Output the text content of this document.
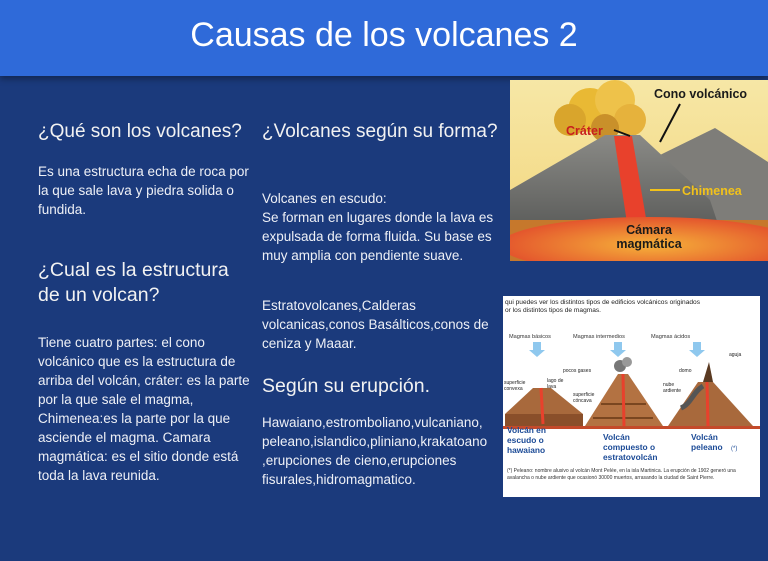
Causas de los volcanes 2

¿Qué son los volcanes?

Es una estructura echa de roca por la que sale lava y piedra solida o fundida.

¿Cual es la estructura de un volcan?

Tiene cuatro partes: el cono volcánico que es la estructura de arriba del volcán, cráter: es la parte por la que sale el magma, Chimenea:es la parte por la que asciende el magma. Camara magmática: es el sitio donde está toda la lava reunida.

¿Volcanes según su forma?

Volcanes en escudo:
Se forman en lugares donde la lava es expulsada de forma fluida. Su base es muy amplia con pendiente suave.

Estratovolcanes,Calderas volcanicas,conos Basálticos,conos de ceniza y Maaar.

Según su erupción.

Hawaiano,estromboliano,vulcaniano, peleano,islandico,pliniano,krakatoano ,erupciones de cieno,erupciones fisurales,hidromagmatico.

Cono volcánico
Cráter
Chimenea
Cámara magmática
qui puedes ver los distintos tipos de edificios volcánicos originados
or los distintos tipos de magmas.
Magmas básicos	Magmas intermedios	Magmas ácidos
pocos gases
lago de lava
superficie convexa
superficie cóncava
domo
aguja
nube ardiente
Volcán en escudo o hawaiano
Volcán compuesto o estratovolcán
Volcán peleano	(*)
(*) Peleano: nombre alusivo al volcán Mont Pelée, en la isla Martinica. La erupción de 1902 generó una avalancha o nube ardiente que ocasionó 30000 muertos, arrasando la ciudad de Saint Pierre.
